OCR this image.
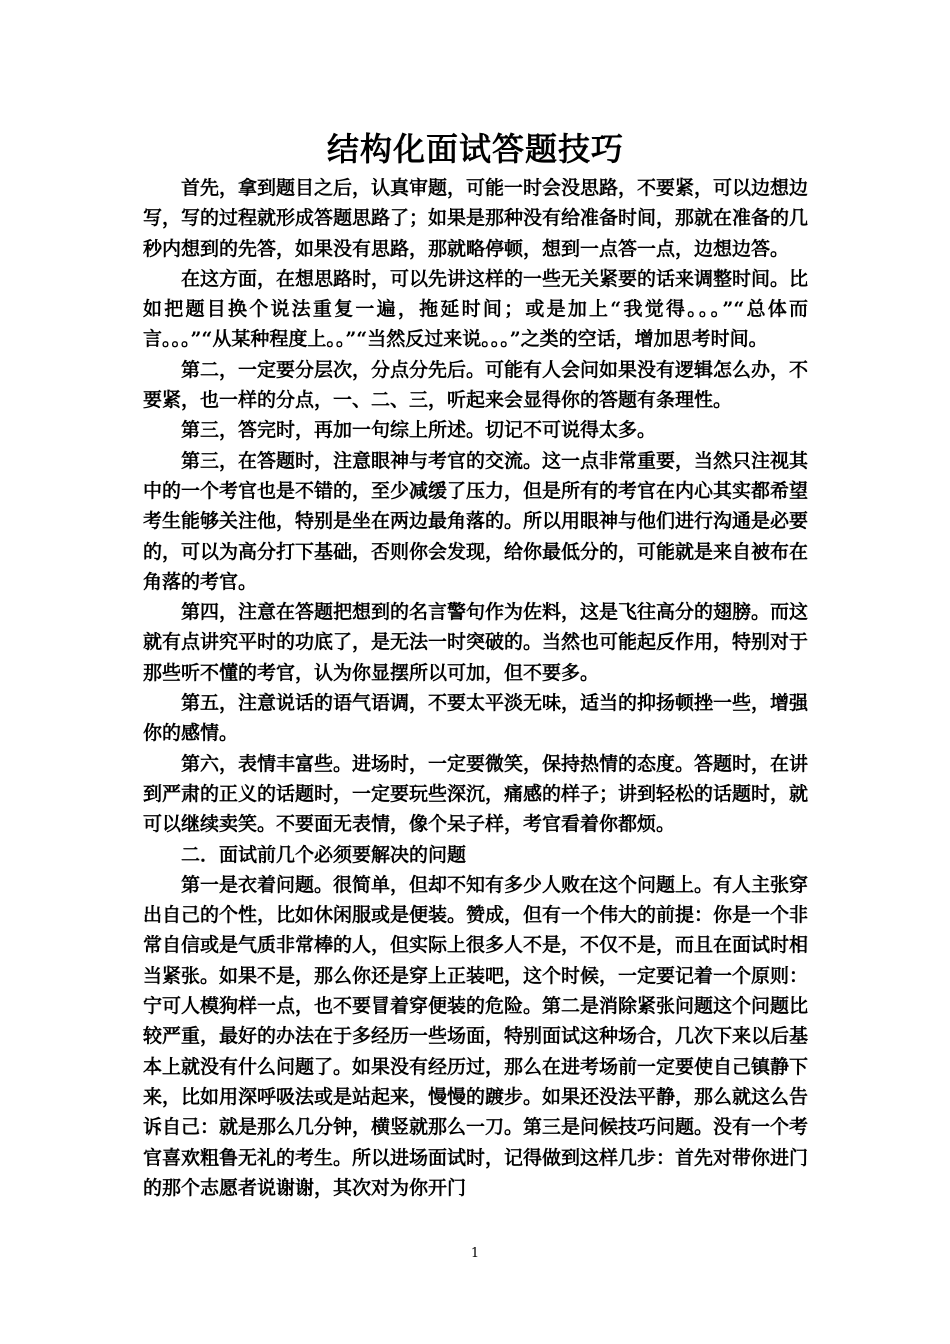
结构化面试答题技巧

首先，拿到题目之后，认真审题，可能一时会没思路，不要紧，可以边想边写，写的过程就形成答题思路了；如果是那种没有给准备时间，那就在准备的几秒内想到的先答，如果没有思路，那就略停顿，想到一点答一点，边想边答。

在这方面，在想思路时，可以先讲这样的一些无关紧要的话来调整时间。比如把题目换个说法重复一遍，拖延时间；或是加上“我觉得。。。”“总体而言。。。”“从某种程度上。。”“当然反过来说。。。”之类的空话，增加思考时间。

第二，一定要分层次，分点分先后。可能有人会问如果没有逻辑怎么办，不要紧，也一样的分点，一、二、三，听起来会显得你的答题有条理性。

第三，答完时，再加一句综上所述。切记不可说得太多。

第三，在答题时，注意眼神与考官的交流。这一点非常重要，当然只注视其中的一个考官也是不错的，至少减缓了压力，但是所有的考官在内心其实都希望考生能够关注他，特别是坐在两边最角落的。所以用眼神与他们进行沟通是必要的，可以为高分打下基础，否则你会发现，给你最低分的，可能就是来自被布在角落的考官。

第四，注意在答题把想到的名言警句作为佐料，这是飞往高分的翅膀。而这就有点讲究平时的功底了，是无法一时突破的。当然也可能起反作用，特别对于那些听不懂的考官，认为你显摆所以可加，但不要多。

第五，注意说话的语气语调，不要太平淡无味，适当的抑扬顿挫一些，增强你的感情。

第六，表情丰富些。进场时，一定要微笑，保持热情的态度。答题时，在讲到严肃的正义的话题时，一定要玩些深沉，痛感的样子；讲到轻松的话题时，就可以继续卖笑。不要面无表情，像个呆子样，考官看着你都烦。

二．面试前几个必须要解决的问题

第一是衣着问题。很简单，但却不知有多少人败在这个问题上。有人主张穿出自己的个性，比如休闲服或是便装。赞成，但有一个伟大的前提：你是一个非常自信或是气质非常棒的人，但实际上很多人不是，不仅不是，而且在面试时相当紧张。如果不是，那么你还是穿上正装吧，这个时候，一定要记着一个原则：宁可人模狗样一点，也不要冒着穿便装的危险。第二是消除紧张问题这个问题比较严重，最好的办法在于多经历一些场面，特别面试这种场合，几次下来以后基本上就没有什么问题了。如果没有经历过，那么在进考场前一定要使自己镇静下来，比如用深呼吸法或是站起来，慢慢的踱步。如果还没法平静，那么就这么告诉自己：就是那么几分钟，横竖就那么一刀。第三是问候技巧问题。没有一个考官喜欢粗鲁无礼的考生。所以进场面试时，记得做到这样几步：首先对带你进门的那个志愿者说谢谢，其次对为你开门

1
